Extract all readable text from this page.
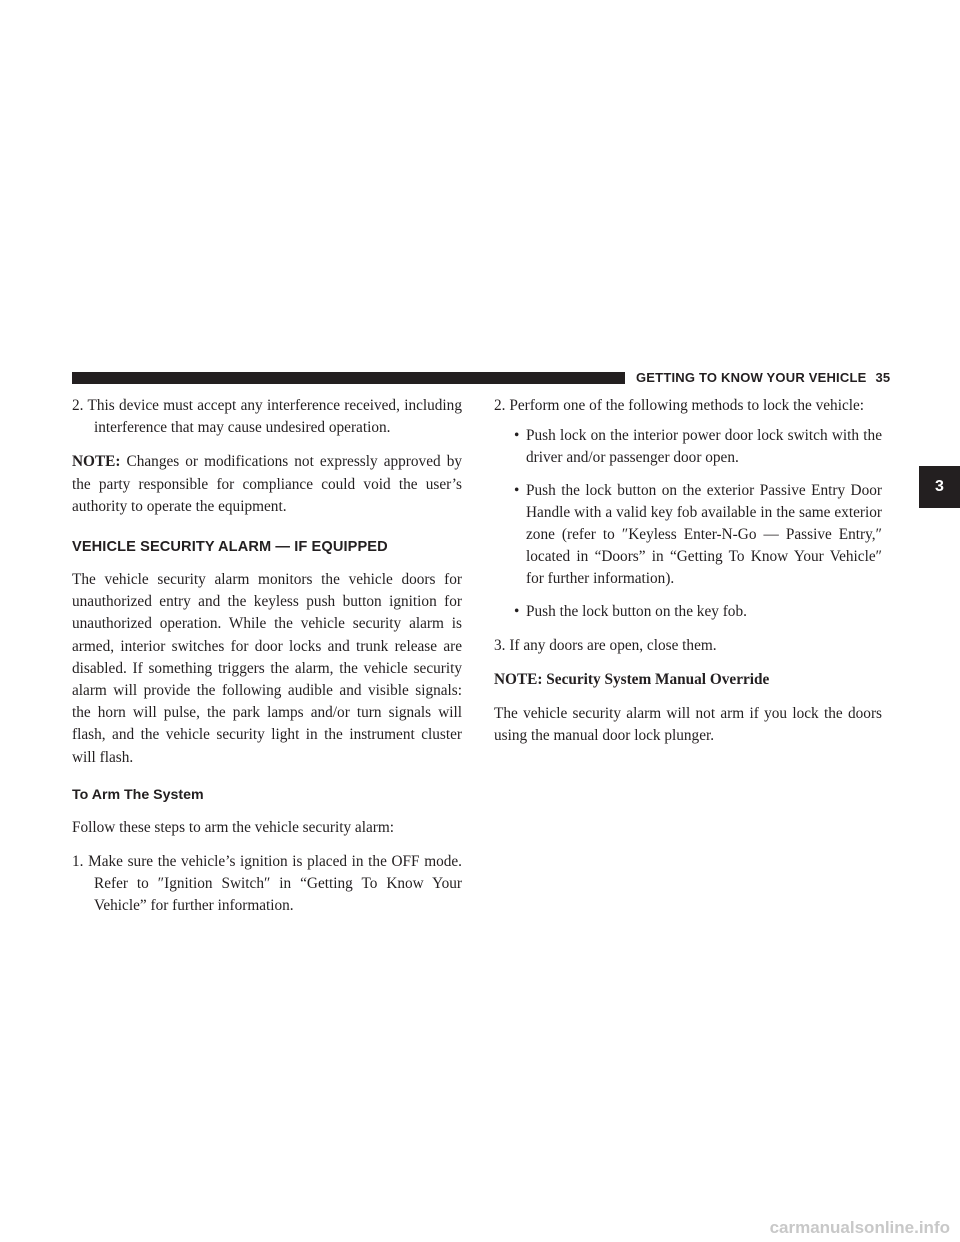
GETTING TO KNOW YOUR VEHICLE 35
3
2. This device must accept any interference received, including interference that may cause undesired operation.

NOTE: Changes or modifications not expressly approved by the party responsible for compliance could void the user’s authority to operate the equipment.

VEHICLE SECURITY ALARM — IF EQUIPPED

The vehicle security alarm monitors the vehicle doors for unauthorized entry and the keyless push button ignition for unauthorized operation. While the vehicle security alarm is armed, interior switches for door locks and trunk release are disabled. If something triggers the alarm, the vehicle security alarm will provide the following audible and visible signals: the horn will pulse, the park lamps and/or turn signals will flash, and the vehicle security light in the instrument cluster will flash.

To Arm The System

Follow these steps to arm the vehicle security alarm:

1. Make sure the vehicle’s ignition is placed in the OFF mode. Refer to ″Ignition Switch″ in “Getting To Know Your Vehicle” for further information.
2. Perform one of the following methods to lock the vehicle:
• Push lock on the interior power door lock switch with the driver and/or passenger door open.
• Push the lock button on the exterior Passive Entry Door Handle with a valid key fob available in the same exterior zone (refer to ″Keyless Enter-N-Go — Passive Entry,″ located in “Doors” in “Getting To Know Your Vehicle″ for further information).
• Push the lock button on the key fob.
3. If any doors are open, close them.

NOTE: Security System Manual Override

The vehicle security alarm will not arm if you lock the doors using the manual door lock plunger.

carmanualsonline.info
